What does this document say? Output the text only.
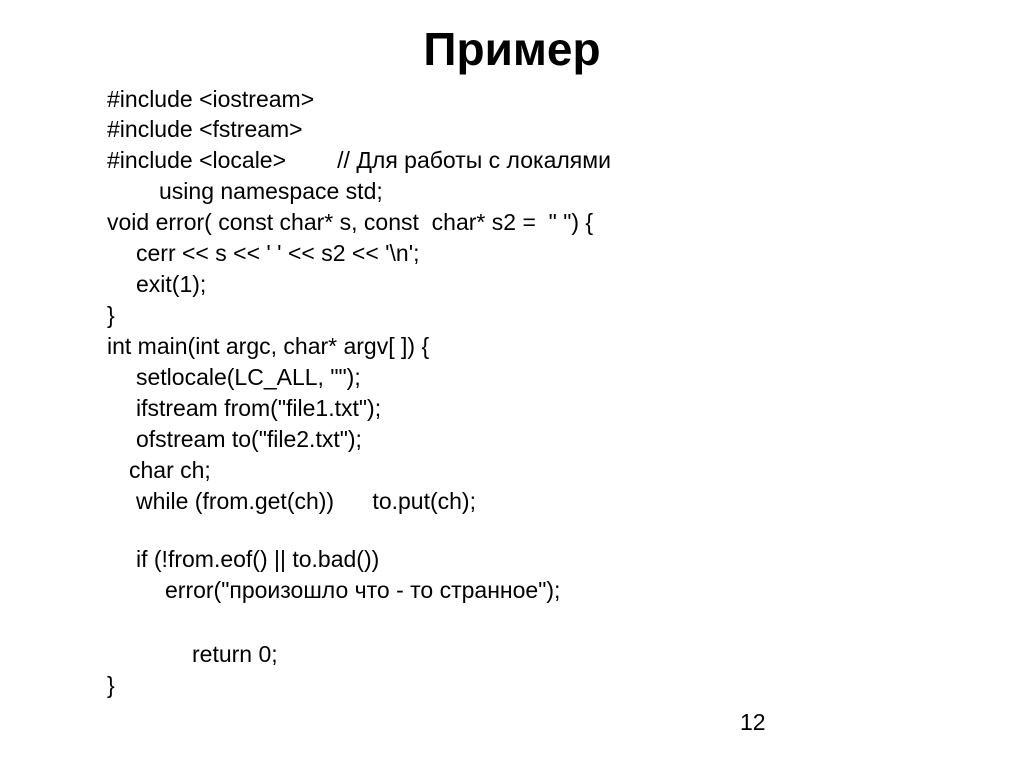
Пример
#include <iostream>
#include <fstream>
#include <locale>        // Для работы с локалями
using namespace std;
void error( const char* s, const  char* s2 =  " ") {
cerr << s << ' ' << s2 << '\n';
exit(1);
}
int main(int argc, char* argv[ ]) {
setlocale(LC_ALL, "");
ifstream from("file1.txt");
ofstream to("file2.txt");
char ch;
while (from.get(ch))      to.put(ch);
if (!from.eof() || to.bad())
error("произошло что - то странное");
return 0;
}
12
